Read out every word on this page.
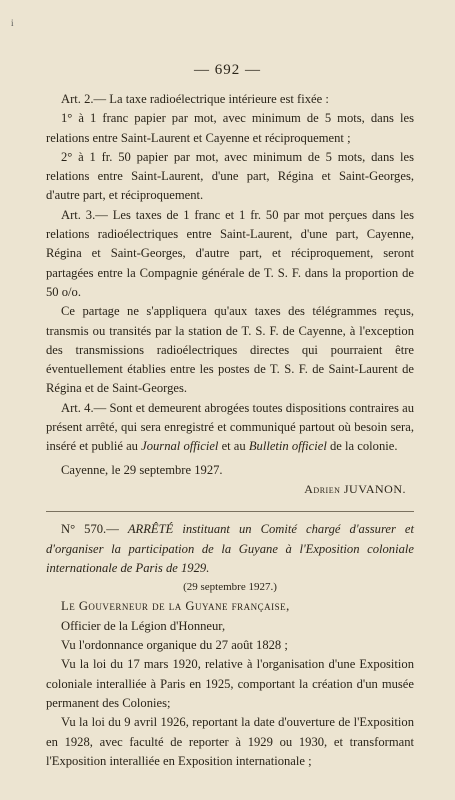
i
— 692 —

Art. 2.— La taxe radioélectrique intérieure est fixée :

1° à 1 franc papier par mot, avec minimum de 5 mots, dans les relations entre Saint-Laurent et Cayenne et réciproquement ;

2° à 1 fr. 50 papier par mot, avec minimum de 5 mots, dans les relations entre Saint-Laurent, d'une part, Régina et Saint-Georges, d'autre part, et réciproquement.

Art. 3.— Les taxes de 1 franc et 1 fr. 50 par mot perçues dans les relations radioélectriques entre Saint-Laurent, d'une part, Cayenne, Régina et Saint-Georges, d'autre part, et réciproquement, seront partagées entre la Compagnie générale de T. S. F. dans la proportion de 50 o/o.

Ce partage ne s'appliquera qu'aux taxes des télégrammes reçus, transmis ou transités par la station de T. S. F. de Cayenne, à l'exception des transmissions radioélectriques directes qui pourraient être éventuellement établies entre les postes de T. S. F. de Saint-Laurent de Régina et de Saint-Georges.

Art. 4.— Sont et demeurent abrogées toutes dispositions contraires au présent arrêté, qui sera enregistré et communiqué partout où besoin sera, inséré et publié au Journal officiel et au Bulletin officiel de la colonie.

Cayenne, le 29 septembre 1927.

Adrien JUVANON.

N° 570.— ARRÊTÉ instituant un Comité chargé d'assurer et d'organiser la participation de la Guyane à l'Exposition coloniale internationale de Paris de 1929.

(29 septembre 1927.)

Le Gouverneur de la Guyane française,

Officier de la Légion d'Honneur,

Vu l'ordonnance organique du 27 août 1828 ;

Vu la loi du 17 mars 1920, relative à l'organisation d'une Exposition coloniale interalliée à Paris en 1925, comportant la création d'un musée permanent des Colonies;

Vu la loi du 9 avril 1926, reportant la date d'ouverture de l'Exposition en 1928, avec faculté de reporter à 1929 ou 1930, et transformant l'Exposition interalliée en Exposition internationale ;
